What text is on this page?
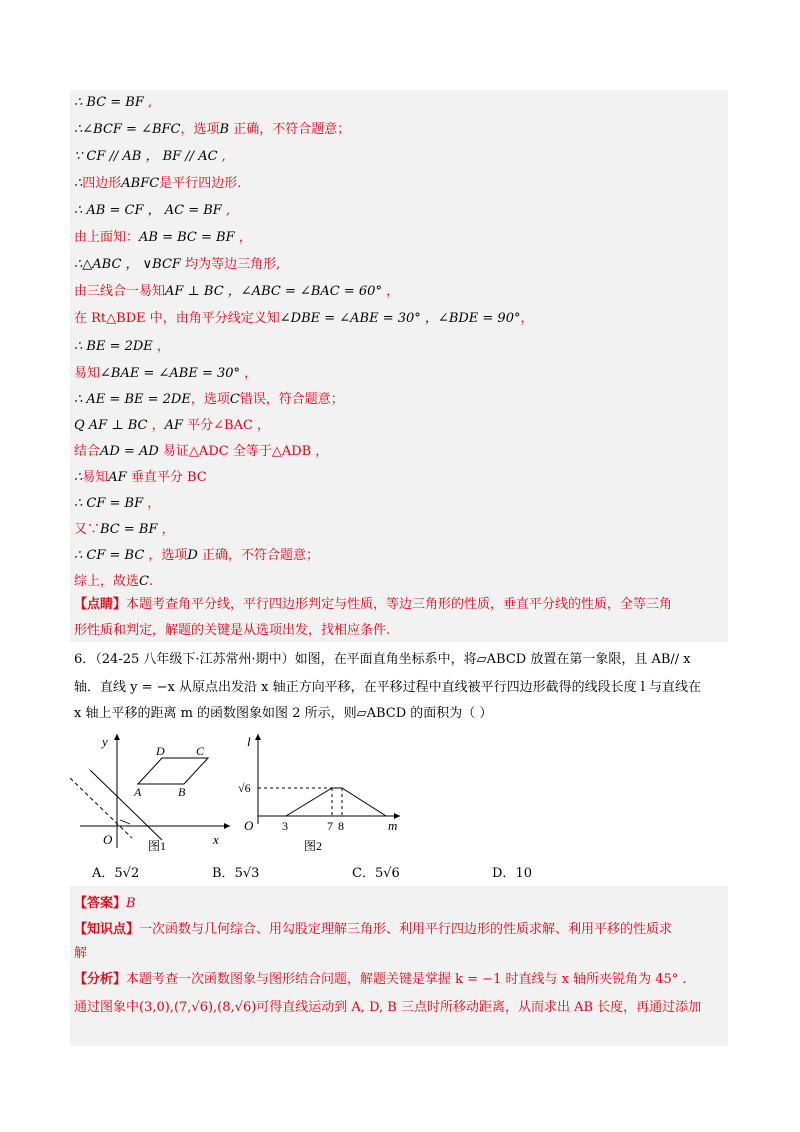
∴ BC = BF ,
∴∠BCF = ∠BFC，选项B 正确，不符合题意；
∵ CF // AB ， BF // AC ,
∴四边形ABFC是平行四边形.
∴ AB = CF ， AC = BF ,
由上面知：AB = BC = BF ，
∴△ABC ， ∨BCF 均为等边三角形,
由三线合一易知AF ⊥ BC ，∠ABC = ∠BAC = 60° ，
在 Rt△BDE 中，由角平分线定义知∠DBE = ∠ABE = 30° ，∠BDE = 90°，
∴ BE = 2DE ，
易知∠BAE = ∠ABE = 30° ，
∴ AE = BE = 2DE，选项C错误，符合题意；
Q AF ⊥ BC ，AF 平分∠BAC ，
结合AD = AD 易证△ADC 全等于△ADB ，
∴易知AF 垂直平分 BC
∴ CF = BF ，
又∵BC = BF ，
∴ CF = BC ，选项D 正确，不符合题意；
综上，故选C.
【点睛】本题考查角平分线，平行四边形判定与性质，等边三角形的性质，垂直平分线的性质，全等三角
形性质和判定，解题的关键是从选项出发，找相应条件.
6．（24-25 八年级下·江苏常州·期中）如图，在平面直角坐标系中，将▱ABCD 放置在第一象限，且 AB// x
轴．直线 y = −x 从原点出发沿 x 轴正方向平移，在平移过程中直线被平行四边形截得的线段长度 l 与直线在
x 轴上平移的距离 m 的函数图象如图 2 所示，则▱ABCD 的面积为（ ）
y
x
O
A	B
C
D
图1
l
m
O
√6
3	7 8
图2
A．5√2	B．5√3	C．5√6	D．10
【答案】B
【知识点】一次函数与几何综合、用勾股定理解三角形、利用平行四边形的性质求解、利用平移的性质求
解
【分析】本题考查一次函数图象与图形结合问题，解题关键是掌握 k = −1 时直线与 x 轴所夹锐角为 45° .
通过图象中(3,0),(7,√6),(8,√6)可得直线运动到 A, D, B 三点时所移动距离，从而求出 AB 长度，再通过添加
